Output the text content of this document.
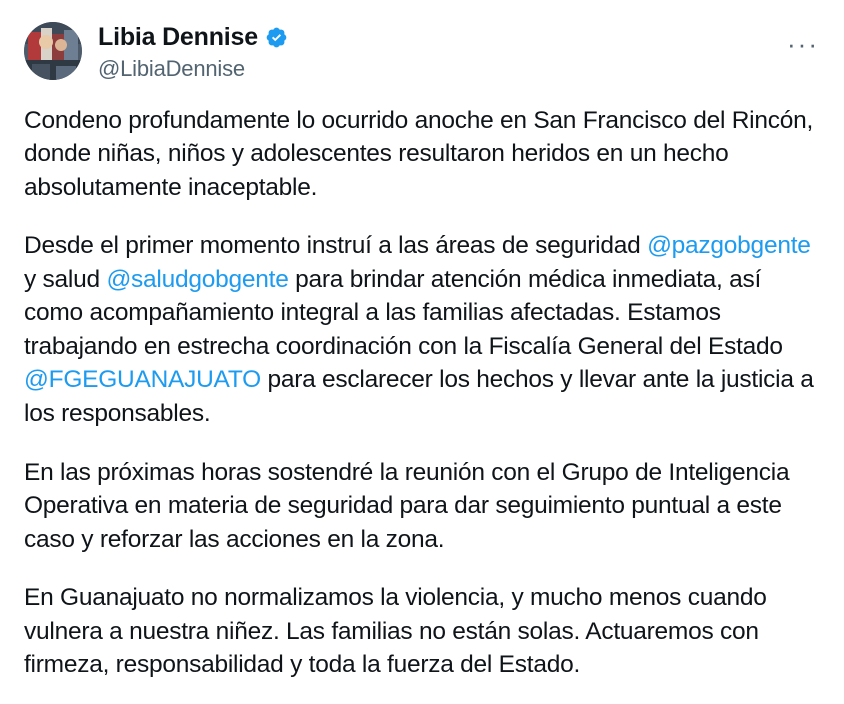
Libia Dennise
@LibiaDennise
···

Condeno profundamente lo ocurrido anoche en San Francisco del Rincón, donde niñas, niños y adolescentes resultaron heridos en un hecho absolutamente inaceptable.

Desde el primer momento instruí a las áreas de seguridad @pazgobgente y salud @saludgobgente para brindar atención médica inmediata, así como acompañamiento integral a las familias afectadas. Estamos trabajando en estrecha coordinación con la Fiscalía General del Estado @FGEGUANAJUATO para esclarecer los hechos y llevar ante la justicia a los responsables.

En las próximas horas sostendré la reunión con el Grupo de Inteligencia Operativa en materia de seguridad para dar seguimiento puntual a este caso y reforzar las acciones en la zona.

En Guanajuato no normalizamos la violencia, y mucho menos cuando vulnera a nuestra niñez. Las familias no están solas. Actuaremos con firmeza, responsabilidad y toda la fuerza del Estado.
